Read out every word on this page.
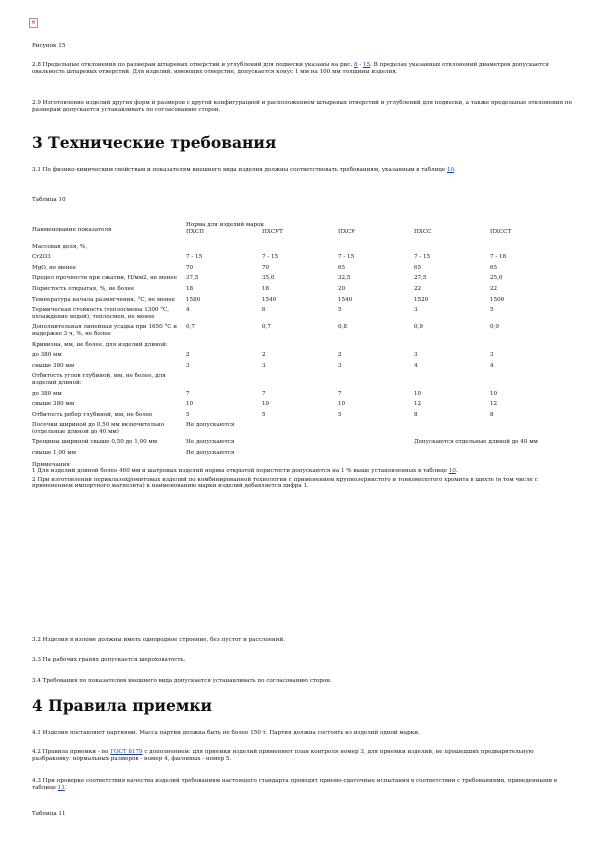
×

Рисунок 15

2.8 Предельные отклонения по размерам штыревых отверстий и углублений для подвески указаны на рис. 8 - 15. В пределах указанных отклонений диаметров допускается овальность штыревых отверстий. Для изделий, имеющих отверстие, допускается конус 1 мм на 100 мм толщины изделия.

2.9 Изготовление изделий других форм и размеров с другой конфигурацией и расположением штыревых отверстий и углублений для подвески, а также предельные отклонения по размерам допускается устанавливать по согласованию сторон.

3 Технические требования

3.1 По физико-химическим свойствам и показателям внешнего вида изделия должны соответствовать требованиям, указанным в таблице 10.

Таблица 10

Наименование показателя	Норма для изделий марок				
	ПХСП	ПХСУТ	ПХСУ	ПХСС	ПХССТ
Массовая доля, %,					
Cr2O3	7 - 15	7 - 15	7 - 15	7 - 15	7 - 18
MgO, не менее	70	70	65	65	65
Предел прочности при сжатии, Н/мм2, не менее	37,5	35,0	32,5	27,5	25,0
Пористость открытая, %, не более	18	18	20	22	22
Температура начала размягчения, °С, не менее	1580	1540	1540	1520	1500
Термическая стойкость (теплосмены 1300 °С, охлаждение водой), теплосмен, не менее	4	6	5	3	5
Дополнительная линейная усадка при 1650 °С и выдержке 3 ч, %, не более	0,7	0,7	0,8	0,9	0,9
Кривизна, мм, не более, для изделий длиной:					
до 380 мм	2	2	2	3	3
свыше 380 мм	3	3	3	4	4
Отбитость углов глубиной, мм, не более, для изделий длиной:					
до 380 мм	7	7	7	10	10
свыше 380 мм	10	10	10	12	12
Отбитость ребер глубиной, мм, не более	5	5	5	8	8
Посечки шириной до 0,50 мм включительно (отдельные длиной до 40 мм)	Не допускаются				
Трещины шириной свыше 0,50 до 1,00 мм	Не допускаются			Допускаются отдельные длиной до 40 мм	
свыше 1,00 мм	Не допускаются				

Примечания
1 Для изделий длиной более 460 мм и шатровых изделий нормы открытой пористости допускаются на 1 % выше установленных в таблице 10.
2 При изготовлении периклазохромитовых изделий по комбинированной технологии с применением крупнозернистого и тонкомолотого хромита в шихте (в том числе с применением импортного магнезита) к наименованию марки изделий добавляется цифра 1.					

3.2 Изделия в изломе должны иметь однородное строение, без пустот и расслоений.

3.3 На рабочих гранях допускается шероховатость.

3.4 Требования по показателям внешнего вида допускается устанавливать по согласованию сторон.

4 Правила приемки

4.1 Изделия поставляют партиями. Масса партии должна быть не более 150 т. Партия должна состоять из изделий одной марки.

4.2 Правила приемки - по ГОСТ 8179 с дополнением: для приемки изделий применяют план контроля номер 3, для приемки изделий, не прошедших предварительную разбраковку: нормальных размеров - номер 4, фасонных - номер 5.

4.3 При проверке соответствия качества изделий требованиям настоящего стандарта проводят приемо-сдаточные испытания в соответствии с требованиями, приведенными в таблице 11.

Таблица 11
